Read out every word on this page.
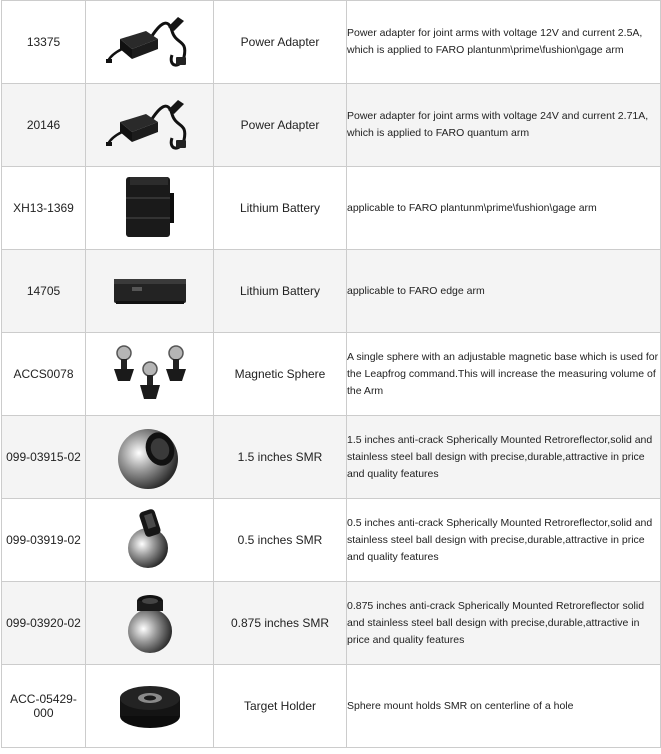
13375		Power Adapter	Power adapter for joint arms with voltage 12V and current 2.5A, which is applied to FARO plantunm\prime\fushion\gage arm
20146		Power Adapter	Power adapter for joint arms with voltage 24V and current 2.71A, which is applied to FARO quantum arm
XH13-1369		Lithium Battery	applicable to FARO plantunm\prime\fushion\gage arm
14705		Lithium Battery	applicable to FARO edge arm
ACCS0078		Magnetic Sphere	A single sphere with an adjustable magnetic base which is used for the Leapfrog command.This will increase the measuring volume of the Arm
099-03915-02		1.5 inches SMR	1.5 inches anti-crack Spherically Mounted Retroreflector,solid and stainless steel ball design with precise,durable,attractive in price and quality features
099-03919-02		0.5 inches SMR	0.5 inches anti-crack Spherically Mounted Retroreflector,solid and stainless steel ball design with precise,durable,attractive in price and quality features
099-03920-02		0.875 inches SMR	0.875 inches anti-crack Spherically Mounted Retroreflector solid and stainless steel ball design with precise,durable,attractive in price and quality features
ACC-05429-000		Target Holder	Sphere mount holds SMR on centerline of a hole
